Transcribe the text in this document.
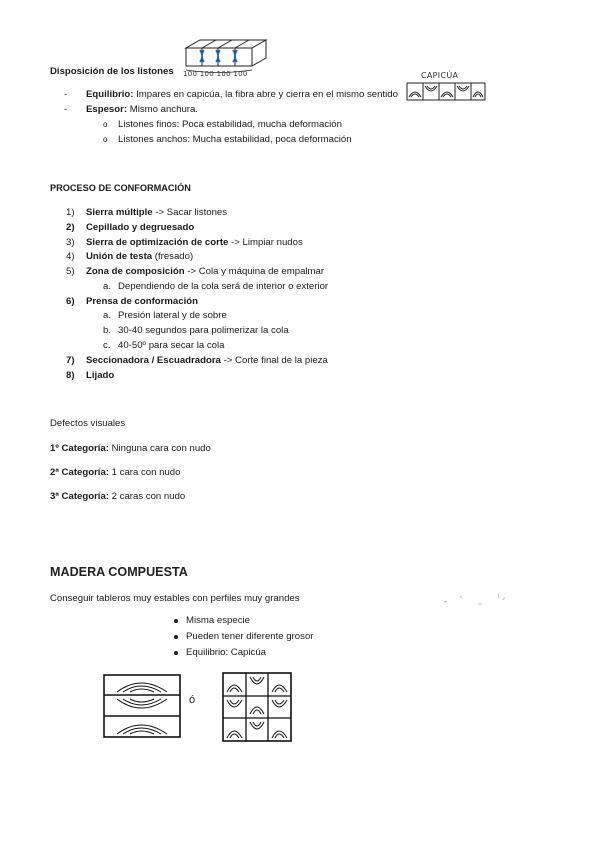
Disposición de los listones 100 100 100 100	CAPICÚA
- Equilibrio: Impares en capicúa, la fibra abre y cierra en el mismo sentido
- Espesor: Mismo anchura.
o Listones finos: Poca estabilidad, mucha deformación
o Listones anchos: Mucha estabilidad, poca deformación
PROCESO DE CONFORMACIÓN
1) Sierra múltiple -> Sacar listones
2) Cepillado y degruesado
3) Sierra de optimización de corte -> Limpiar nudos
4) Unión de testa (fresado)
5) Zona de composición -> Cola y máquina de empalmar
a. Dependiendo de la cola será de interior o exterior
6) Prensa de conformación
a. Presión lateral y de sobre
b. 30-40 segundos para polimerizar la cola
c. 40-50º para secar la cola
7) Seccionadora / Escuadradora -> Corte final de la pieza
8) Lijado
Defectos visuales
1º Categoría: Ninguna cara con nudo
2ª Categoría: 1 cara con nudo
3ª Categoría: 2 caras con nudo
MADERA COMPUESTA
Conseguir tableros muy estables con perfiles muy grandes
Misma especie
Pueden tener diferente grosor
Equilibrio: Capicúa
ó
